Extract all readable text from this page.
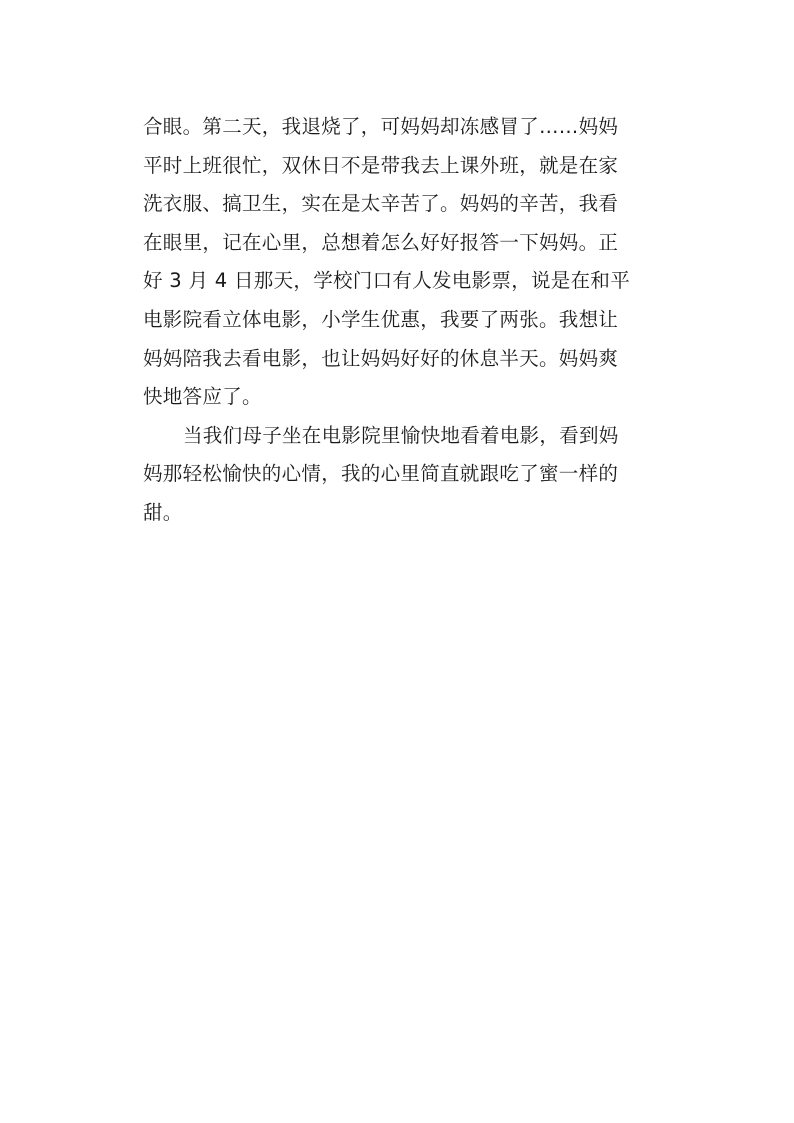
合眼。第二天，我退烧了，可妈妈却冻感冒了……妈妈
平时上班很忙，双休日不是带我去上课外班，就是在家
洗衣服、搞卫生，实在是太辛苦了。妈妈的辛苦，我看
在眼里，记在心里，总想着怎么好好报答一下妈妈。正
好 3 月 4 日那天，学校门口有人发电影票，说是在和平
电影院看立体电影，小学生优惠，我要了两张。我想让
妈妈陪我去看电影，也让妈妈好好的休息半天。妈妈爽
快地答应了。
当我们母子坐在电影院里愉快地看着电影，看到妈
妈那轻松愉快的心情，我的心里简直就跟吃了蜜一样的
甜。
